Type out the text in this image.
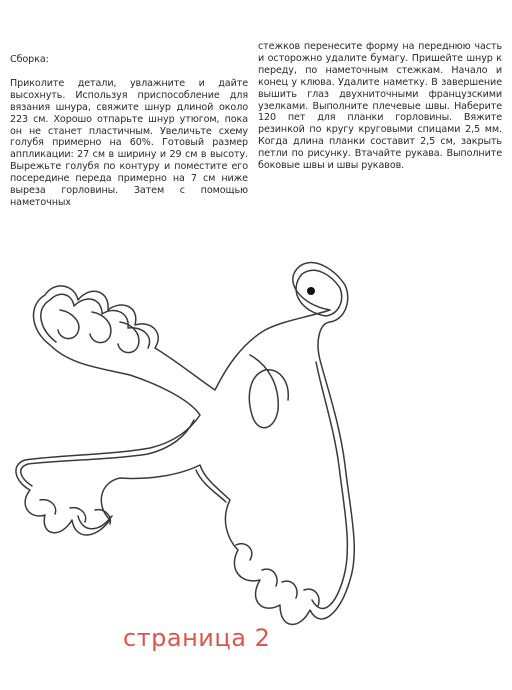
Сборка:

Приколите детали, увлажните и дайте высохнуть. Используя приспособление для вязания шнура, свяжите шнур длиной около 223 см. Хорошо отпарьте шнур утюгом, пока он не станет пластичным. Увеличьте схему голубя примерно на 60%. Готовый размер аппликации: 27 см в ширину и 29 см в высоту. Вырежьте голубя по контуру и поместите его посередине переда примерно на 7 см ниже выреза горловины. Затем с помощью наметочных

стежков перенесите форму на переднюю часть и осторожно удалите бумагу. Пришейте шнур к переду, по наметочным стежкам. Начало и конец у клюва. Удалите наметку. В завершение вышить глаз двухниточными французскими узелками. Выполните плечевые швы. Наберите 120 пет для планки горловины. Вяжите резинкой по кругу круговыми спицами 2,5 мм. Когда длина планки составит 2,5 см, закрыть петли по рисунку. Втачайте рукава. Выполните боковые швы и швы рукавов.

страница 2
